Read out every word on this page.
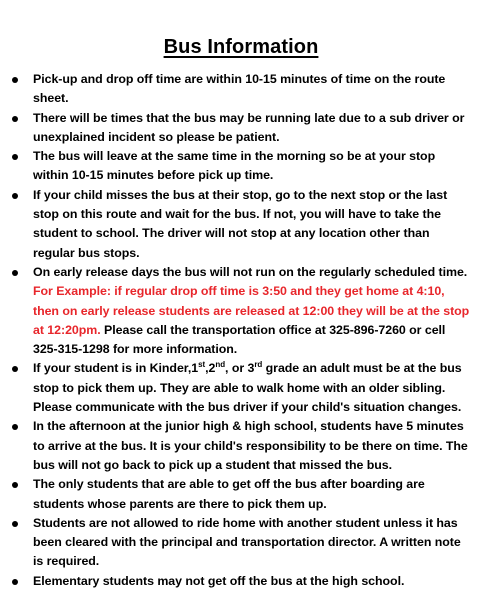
Bus Information
Pick-up and drop off time are within 10-15 minutes of time on the route sheet.
There will be times that the bus may be running late due to a sub driver or unexplained incident so please be patient.
The bus will leave at the same time in the morning so be at your stop within 10-15 minutes before pick up time.
If your child misses the bus at their stop, go to the next stop or the last stop on this route and wait for the bus. If not, you will have to take the student to school. The driver will not stop at any location other than regular bus stops.
On early release days the bus will not run on the regularly scheduled time. For Example: if regular drop off time is 3:50 and they get home at 4:10, then on early release students are released at 12:00 they will be at the stop at 12:20pm. Please call the transportation office at 325-896-7260 or cell 325-315-1298 for more information.
If your student is in Kinder,1st,2nd, or 3rd grade an adult must be at the bus stop to pick them up. They are able to walk home with an older sibling. Please communicate with the bus driver if your child's situation changes.
In the afternoon at the junior high & high school, students have 5 minutes to arrive at the bus. It is your child's responsibility to be there on time. The bus will not go back to pick up a student that missed the bus.
The only students that are able to get off the bus after boarding are students whose parents are there to pick them up.
Students are not allowed to ride home with another student unless it has been cleared with the principal and transportation director. A written note is required.
Elementary students may not get off the bus at the high school.
